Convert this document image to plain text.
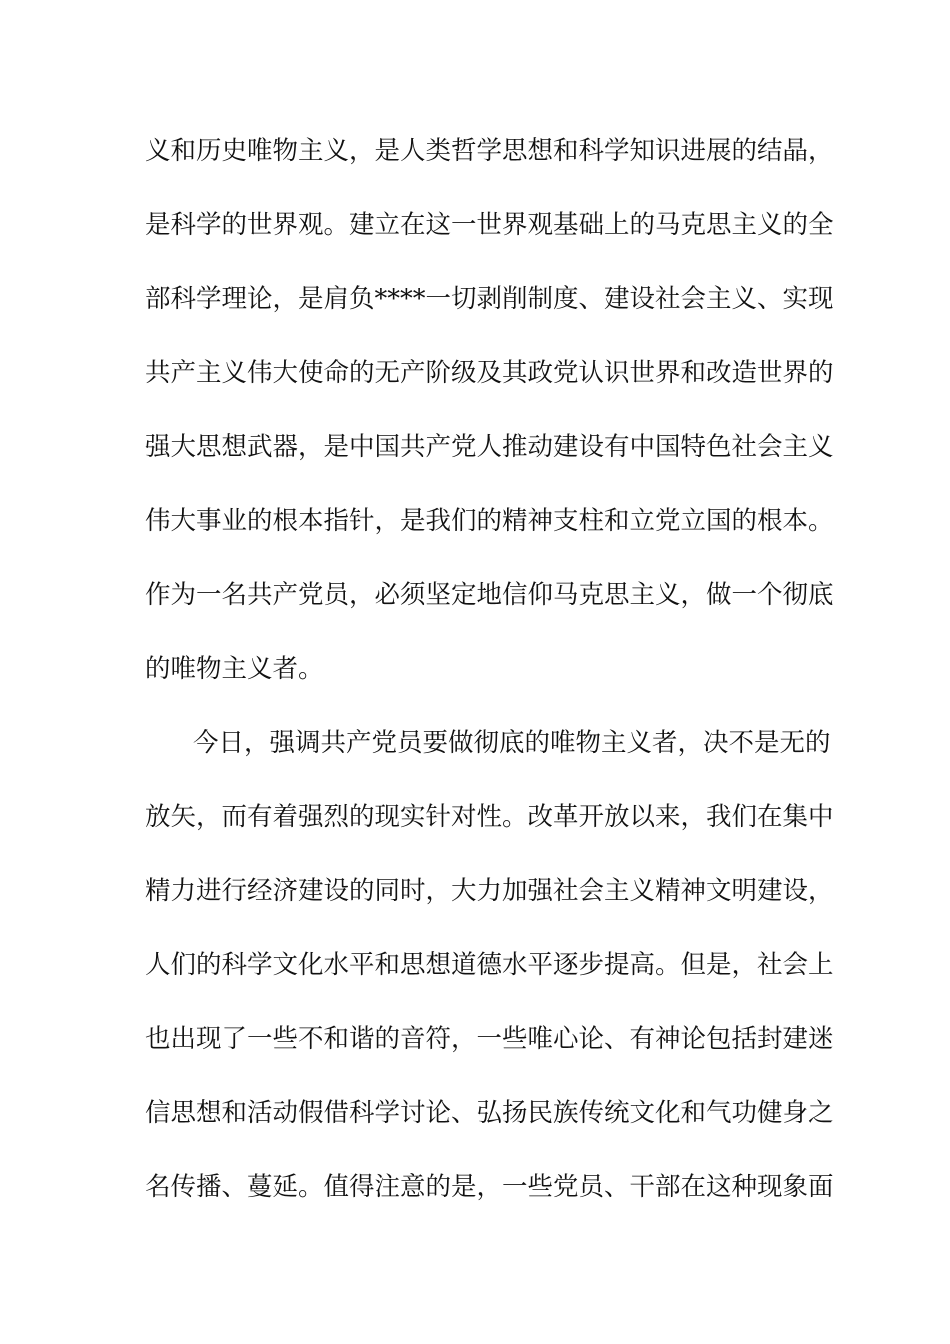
义和历史唯物主义，是人类哲学思想和科学知识进展的结晶，
是科学的世界观。建立在这一世界观基础上的马克思主义的全
部科学理论，是肩负****一切剥削制度、建设社会主义、实现
共产主义伟大使命的无产阶级及其政党认识世界和改造世界的
强大思想武器，是中国共产党人推动建设有中国特色社会主义
伟大事业的根本指针，是我们的精神支柱和立党立国的根本。
作为一名共产党员，必须坚定地信仰马克思主义，做一个彻底
的唯物主义者。
今日，强调共产党员要做彻底的唯物主义者，决不是无的
放矢，而有着强烈的现实针对性。改革开放以来，我们在集中
精力进行经济建设的同时，大力加强社会主义精神文明建设，
人们的科学文化水平和思想道德水平逐步提高。但是，社会上
也出现了一些不和谐的音符，一些唯心论、有神论包括封建迷
信思想和活动假借科学讨论、弘扬民族传统文化和气功健身之
名传播、蔓延。值得注意的是，一些党员、干部在这种现象面
